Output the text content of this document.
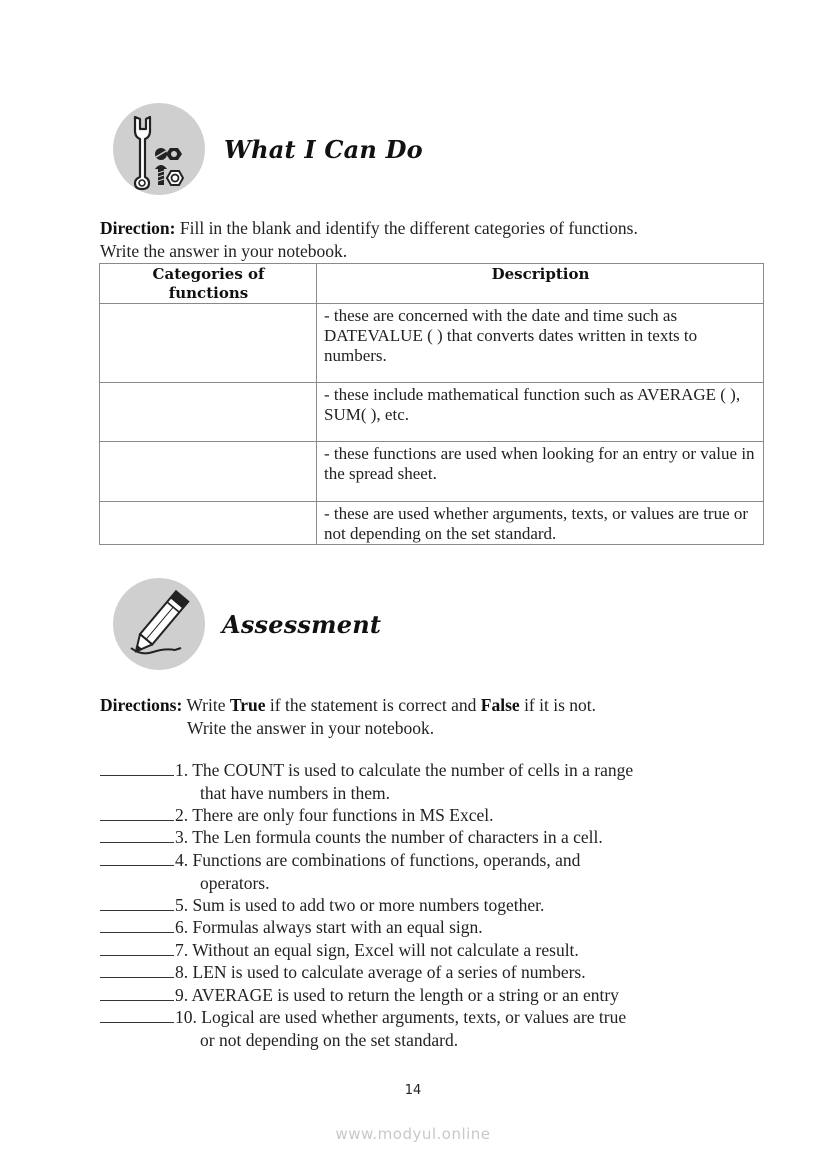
What I Can Do
Direction: Fill in the blank and identify the different categories of functions.
Write the answer in your notebook.
Categories of
functions	Description
	- these are concerned with the date and time such as DATEVALUE ( ) that converts dates written in texts to numbers.
	- these include mathematical function such as AVERAGE ( ), SUM( ), etc.
	- these functions are used when looking for an entry or value in the spread sheet.
	- these are used whether arguments, texts, or values are true or not depending on the set standard.
Assessment
Directions: Write True if the statement is correct and False if it is not.
Write the answer in your notebook.
1. The COUNT is used to calculate the number of cells in a range
that have numbers in them.
2. There are only four functions in MS Excel.
3. The Len formula counts the number of characters in a cell.
4. Functions are combinations of functions, operands, and
operators.
5. Sum is used to add two or more numbers together.
6. Formulas always start with an equal sign.
7. Without an equal sign, Excel will not calculate a result.
8. LEN is used to calculate average of a series of numbers.
9. AVERAGE is used to return the length or a string or an entry
10. Logical are used whether arguments, texts, or values are true
or not depending on the set standard.
14
www.modyul.online
